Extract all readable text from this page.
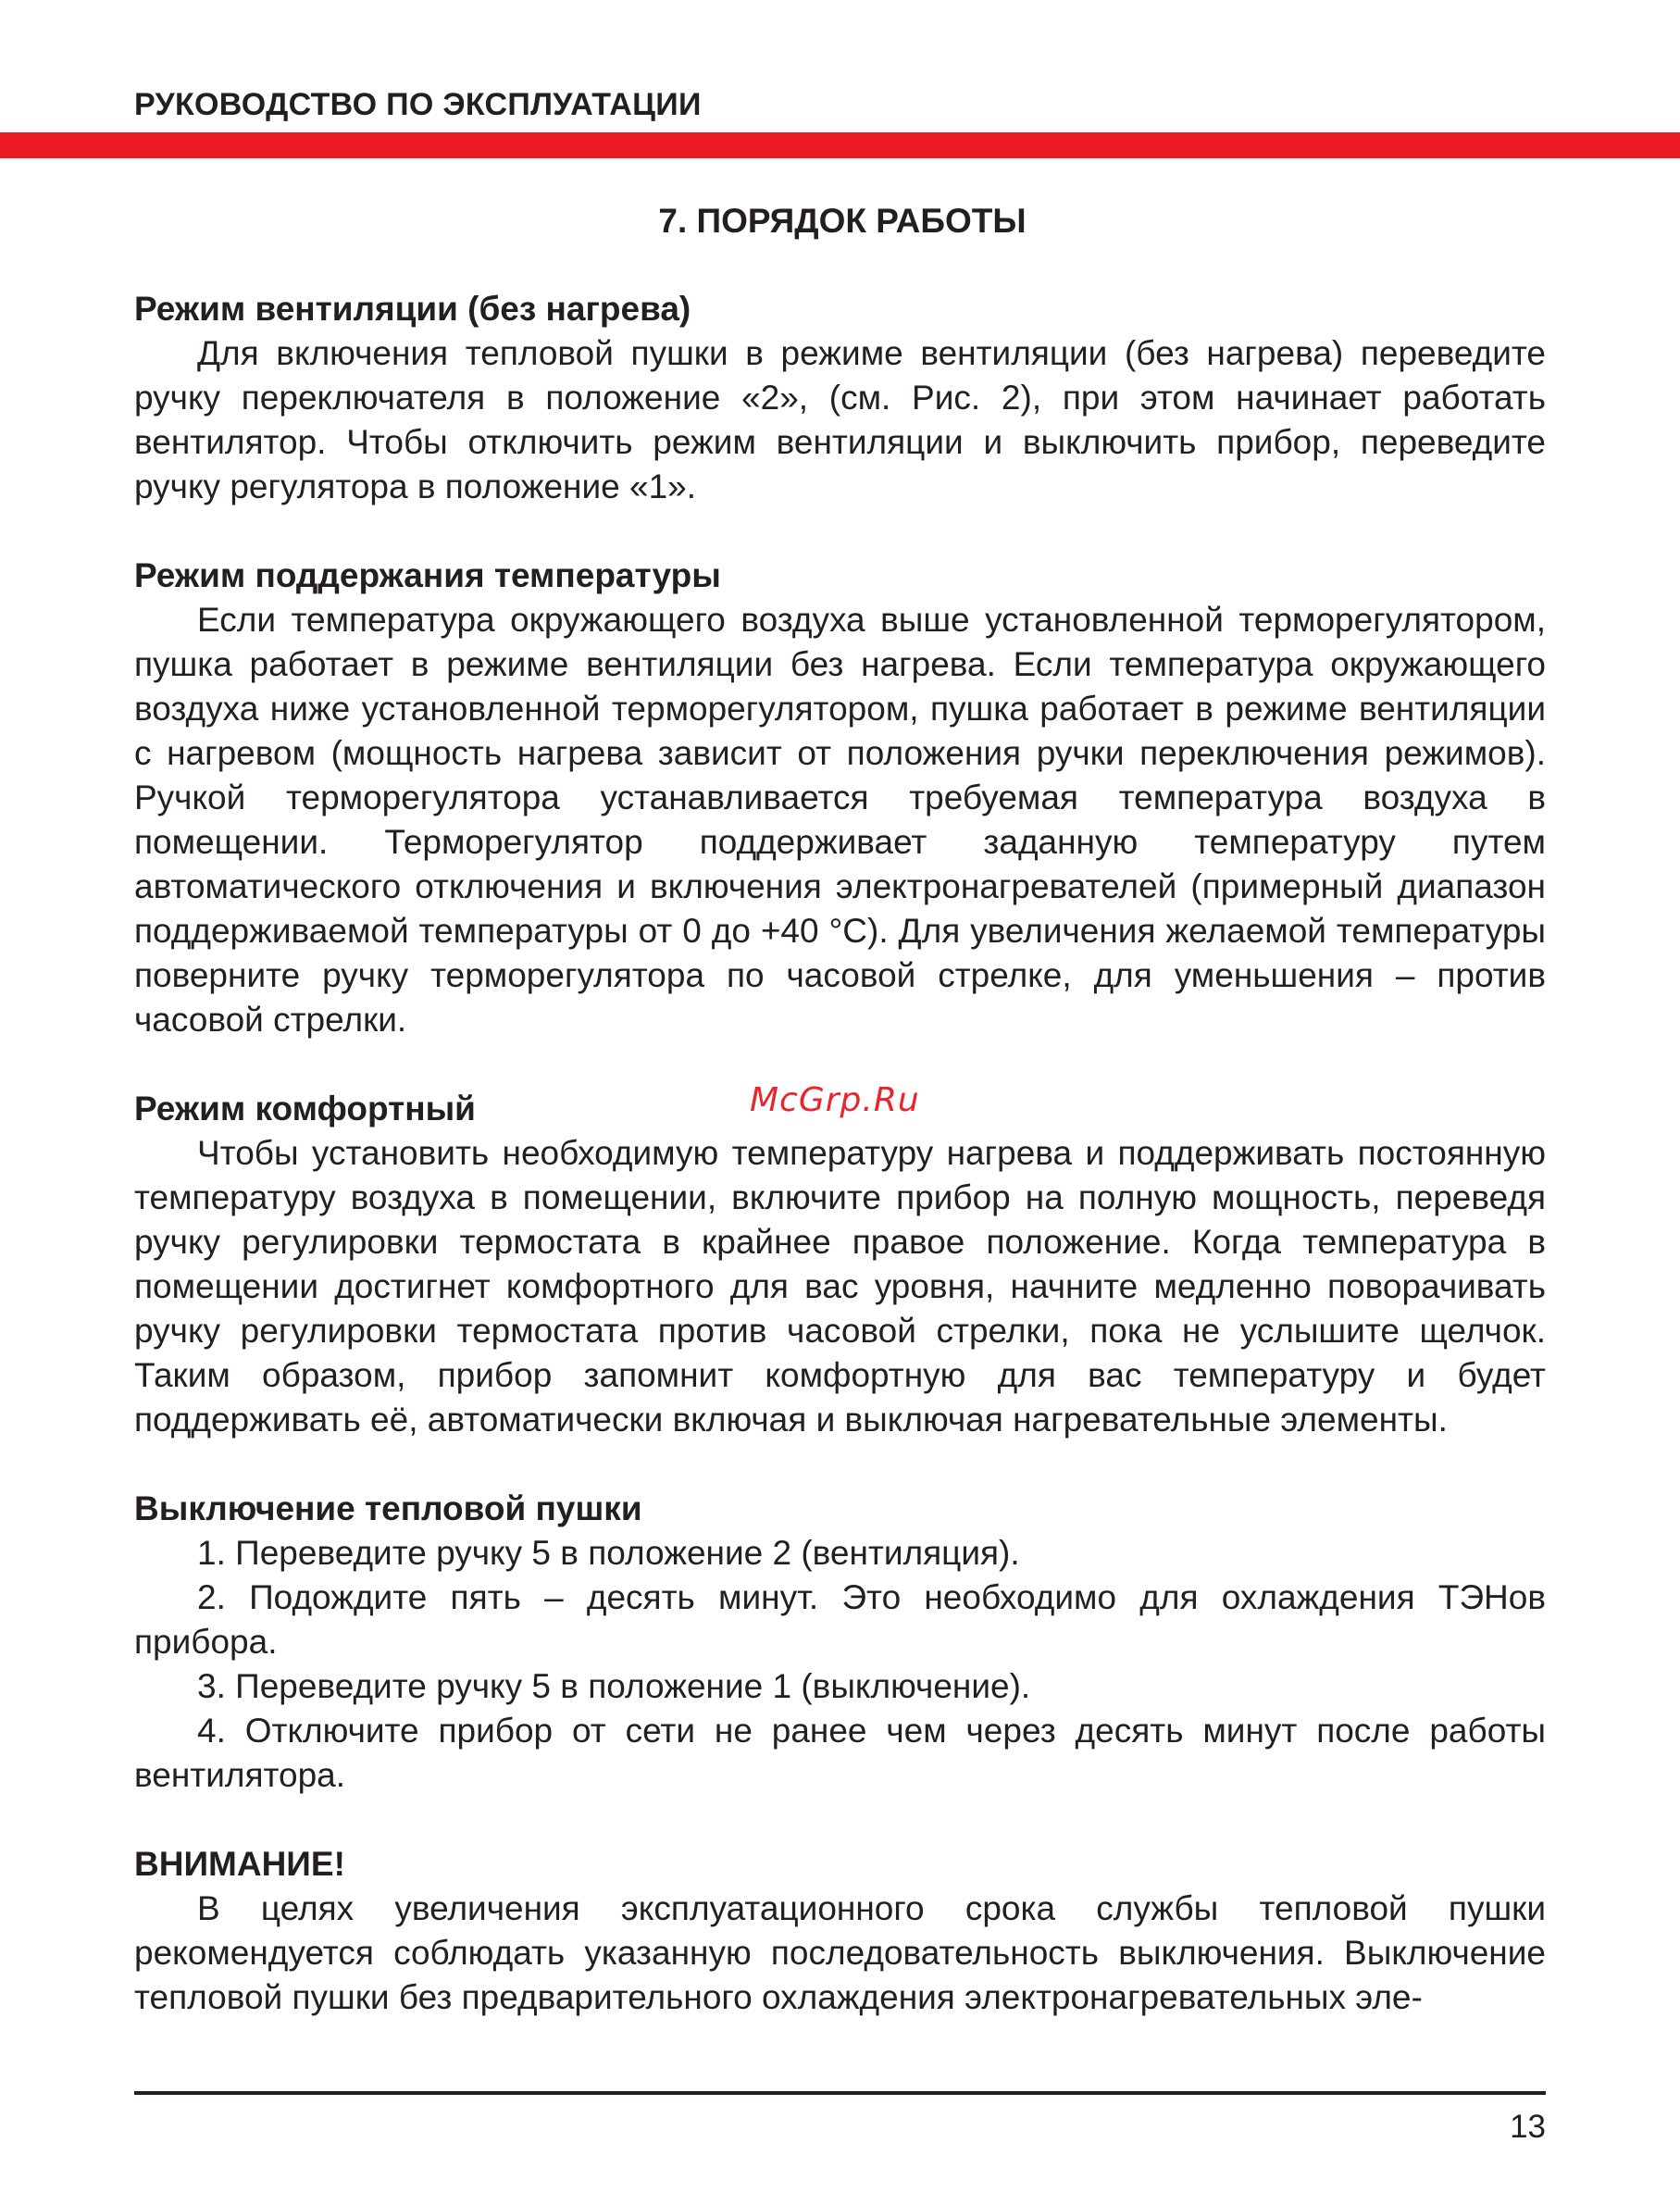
РУКОВОДСТВО ПО ЭКСПЛУАТАЦИИ
7. ПОРЯДОК РАБОТЫ

Режим вентиляции (без нагрева)

Для включения тепловой пушки в режиме вентиляции (без нагрева) переведите ручку переключателя в положение «2», (см. Рис. 2), при этом начинает работать вентилятор. Чтобы отключить режим вентиляции и выключить прибор, переведите ручку регулятора в положение «1».

Режим поддержания температуры

Если температура окружающего воздуха выше установленной терморегулятором, пушка работает в режиме вентиляции без нагрева. Если температура окружающего воздуха ниже установленной терморегулятором, пушка работает в режиме вентиляции с нагревом (мощность нагрева зависит от положения ручки переключения режимов). Ручкой терморегулятора устанавливается требуемая температура воздуха в помещении. Терморегулятор поддерживает заданную температуру путем автоматического отключения и включения электронагревателей (примерный диапазон поддерживаемой температуры от 0 до +40 °С). Для увеличения желаемой температуры поверните ручку терморегулятора по часовой стрелке, для уменьшения – против часовой стрелки.

Режим комфортный

Чтобы установить необходимую температуру нагрева и поддерживать постоянную температуру воздуха в помещении, включите прибор на полную мощность, переведя ручку регулировки термостата в крайнее правое положение. Когда температура в помещении достигнет комфортного для вас уровня, начните медленно поворачивать ручку регулировки термостата против часовой стрелки, пока не услышите щелчок. Таким образом, прибор запомнит комфортную для вас температуру и будет поддерживать её, автоматически включая и выключая нагревательные элементы.

Выключение тепловой пушки

1. Переведите ручку 5 в положение 2 (вентиляция).

2. Подождите пять – десять минут. Это необходимо для охлаждения ТЭНов прибора.

3. Переведите ручку 5 в положение 1 (выключение).

4. Отключите прибор от сети не ранее чем через десять минут после работы вентилятора.

ВНИМАНИЕ!

В целях увеличения эксплуатационного срока службы тепловой пушки рекомендуется соблюдать указанную последовательность выключения. Выключение тепловой пушки без предварительного охлаждения электронагревательных эле-

McGrp.Ru
13
